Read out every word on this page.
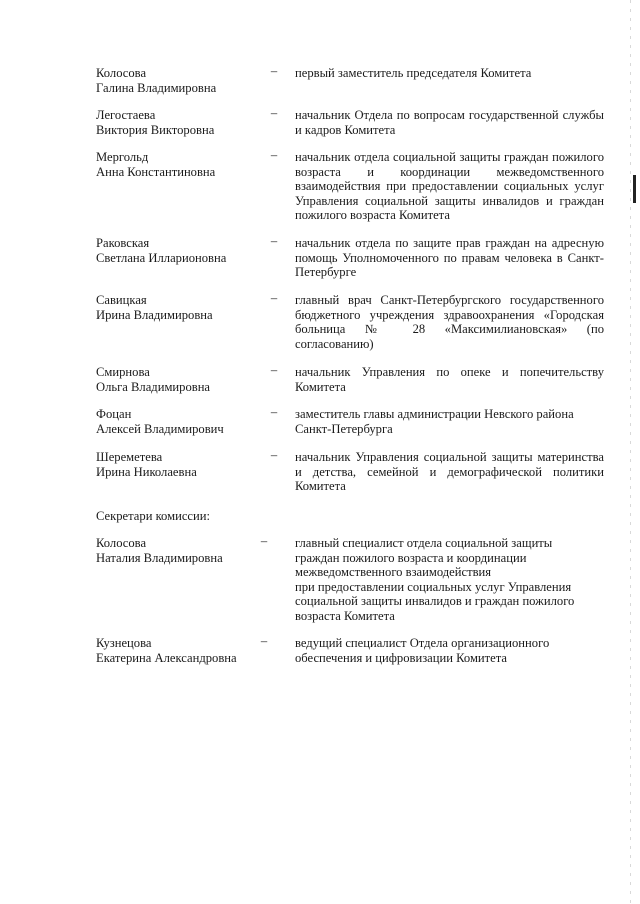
Колосова
Галина Владимировна
–	первый заместитель председателя Комитета
Легостаева
Виктория Викторовна
–	начальник Отдела по вопросам государственной службы и кадров Комитета
Мергольд
Анна Константиновна
–	начальник отдела социальной защиты граждан пожилого возраста и координации межведомственного взаимодействия при предоставлении социальных услуг Управления социальной защиты инвалидов и граждан пожилого возраста Комитета
Раковская
Светлана Илларионовна
–	начальник отдела по защите прав граждан на адресную помощь Уполномоченного по правам человека в Санкт-Петербурге
Савицкая
Ирина Владимировна
–	главный врач Санкт-Петербургского государственного бюджетного учреждения здравоохранения «Городская больница № 28 «Максимилиановская» (по согласованию)
Смирнова
Ольга Владимировна
–	начальник Управления по опеке и попечительству Комитета
Фоцан
Алексей Владимирович
–	заместитель главы администрации Невского района Санкт-Петербурга
Шереметева
Ирина Николаевна
–	начальник Управления социальной защиты материнства и детства, семейной и демографической политики Комитета
Секретари комиссии:
Колосова
Наталия Владимировна
–	главный специалист отдела социальной защиты
граждан пожилого возраста и координации
межведомственного взаимодействия
при предоставлении социальных услуг Управления
социальной защиты инвалидов и граждан пожилого
возраста Комитета
Кузнецова
Екатерина Александровна
–	ведущий специалист Отдела организационного
обеспечения и цифровизации Комитета
